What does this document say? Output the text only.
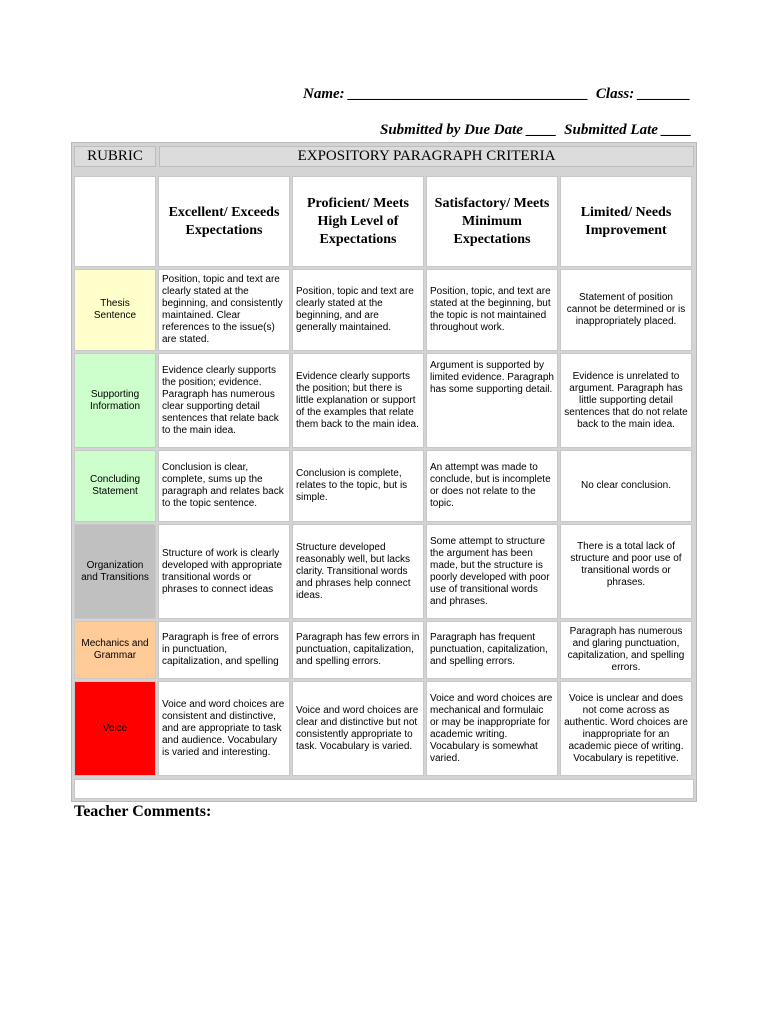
Name: ________________________________  Class: _______
Submitted by Due Date ____  Submitted Late ____
RUBRIC	EXPOSITORY PARAGRAPH CRITERIA
Excellent/ Exceeds Expectations
Proficient/ Meets High Level of Expectations
Satisfactory/ Meets Minimum Expectations
Limited/ Needs Improvement
Thesis Sentence
Position, topic and text are clearly stated at the beginning, and consistently maintained. Clear references to the issue(s) are stated.
Position, topic and text are clearly stated at the beginning, and are generally maintained.
Position, topic, and text are stated at the beginning, but the topic is not maintained throughout work.
Statement of position cannot be determined or is inappropriately placed.
Supporting Information
Evidence clearly supports the position; evidence. Paragraph has numerous clear supporting detail sentences that relate back to the main idea.
Evidence clearly supports the position; but there is little explanation or support of the examples that relate them back to the main idea.
Argument is supported by limited evidence. Paragraph has some supporting detail.
Evidence is unrelated to argument. Paragraph has little supporting detail sentences that do not relate back to the main idea.
Concluding Statement
Conclusion is clear, complete, sums up the paragraph and relates back to the topic sentence.
Conclusion is complete, relates to the topic, but is simple.
An attempt was made to conclude, but is incomplete or does not relate to the topic.
No clear conclusion.
Organization and Transitions
Structure of work is clearly developed with appropriate transitional words or phrases to connect ideas
Structure developed reasonably well, but lacks clarity. Transitional words and phrases help connect ideas.
Some attempt to structure the argument has been made, but the structure is poorly developed with poor use of transitional words and phrases.
There is a total lack of structure and poor use of transitional words or phrases.
Mechanics and Grammar
Paragraph is free of errors in punctuation, capitalization, and spelling
Paragraph has few errors in punctuation, capitalization, and spelling errors.
Paragraph has frequent punctuation, capitalization, and spelling errors.
Paragraph has numerous and glaring punctuation, capitalization, and spelling errors.
Voice
Voice and word choices are consistent and distinctive, and are appropriate to task and audience. Vocabulary is varied and interesting.
Voice and word choices are clear and distinctive but not consistently appropriate to task. Vocabulary is varied.
Voice and word choices are mechanical and formulaic or may be inappropriate for academic writing. Vocabulary is somewhat varied.
Voice is unclear and does not come across as authentic. Word choices are inappropriate for an academic piece of writing. Vocabulary is repetitive.
Teacher Comments:
